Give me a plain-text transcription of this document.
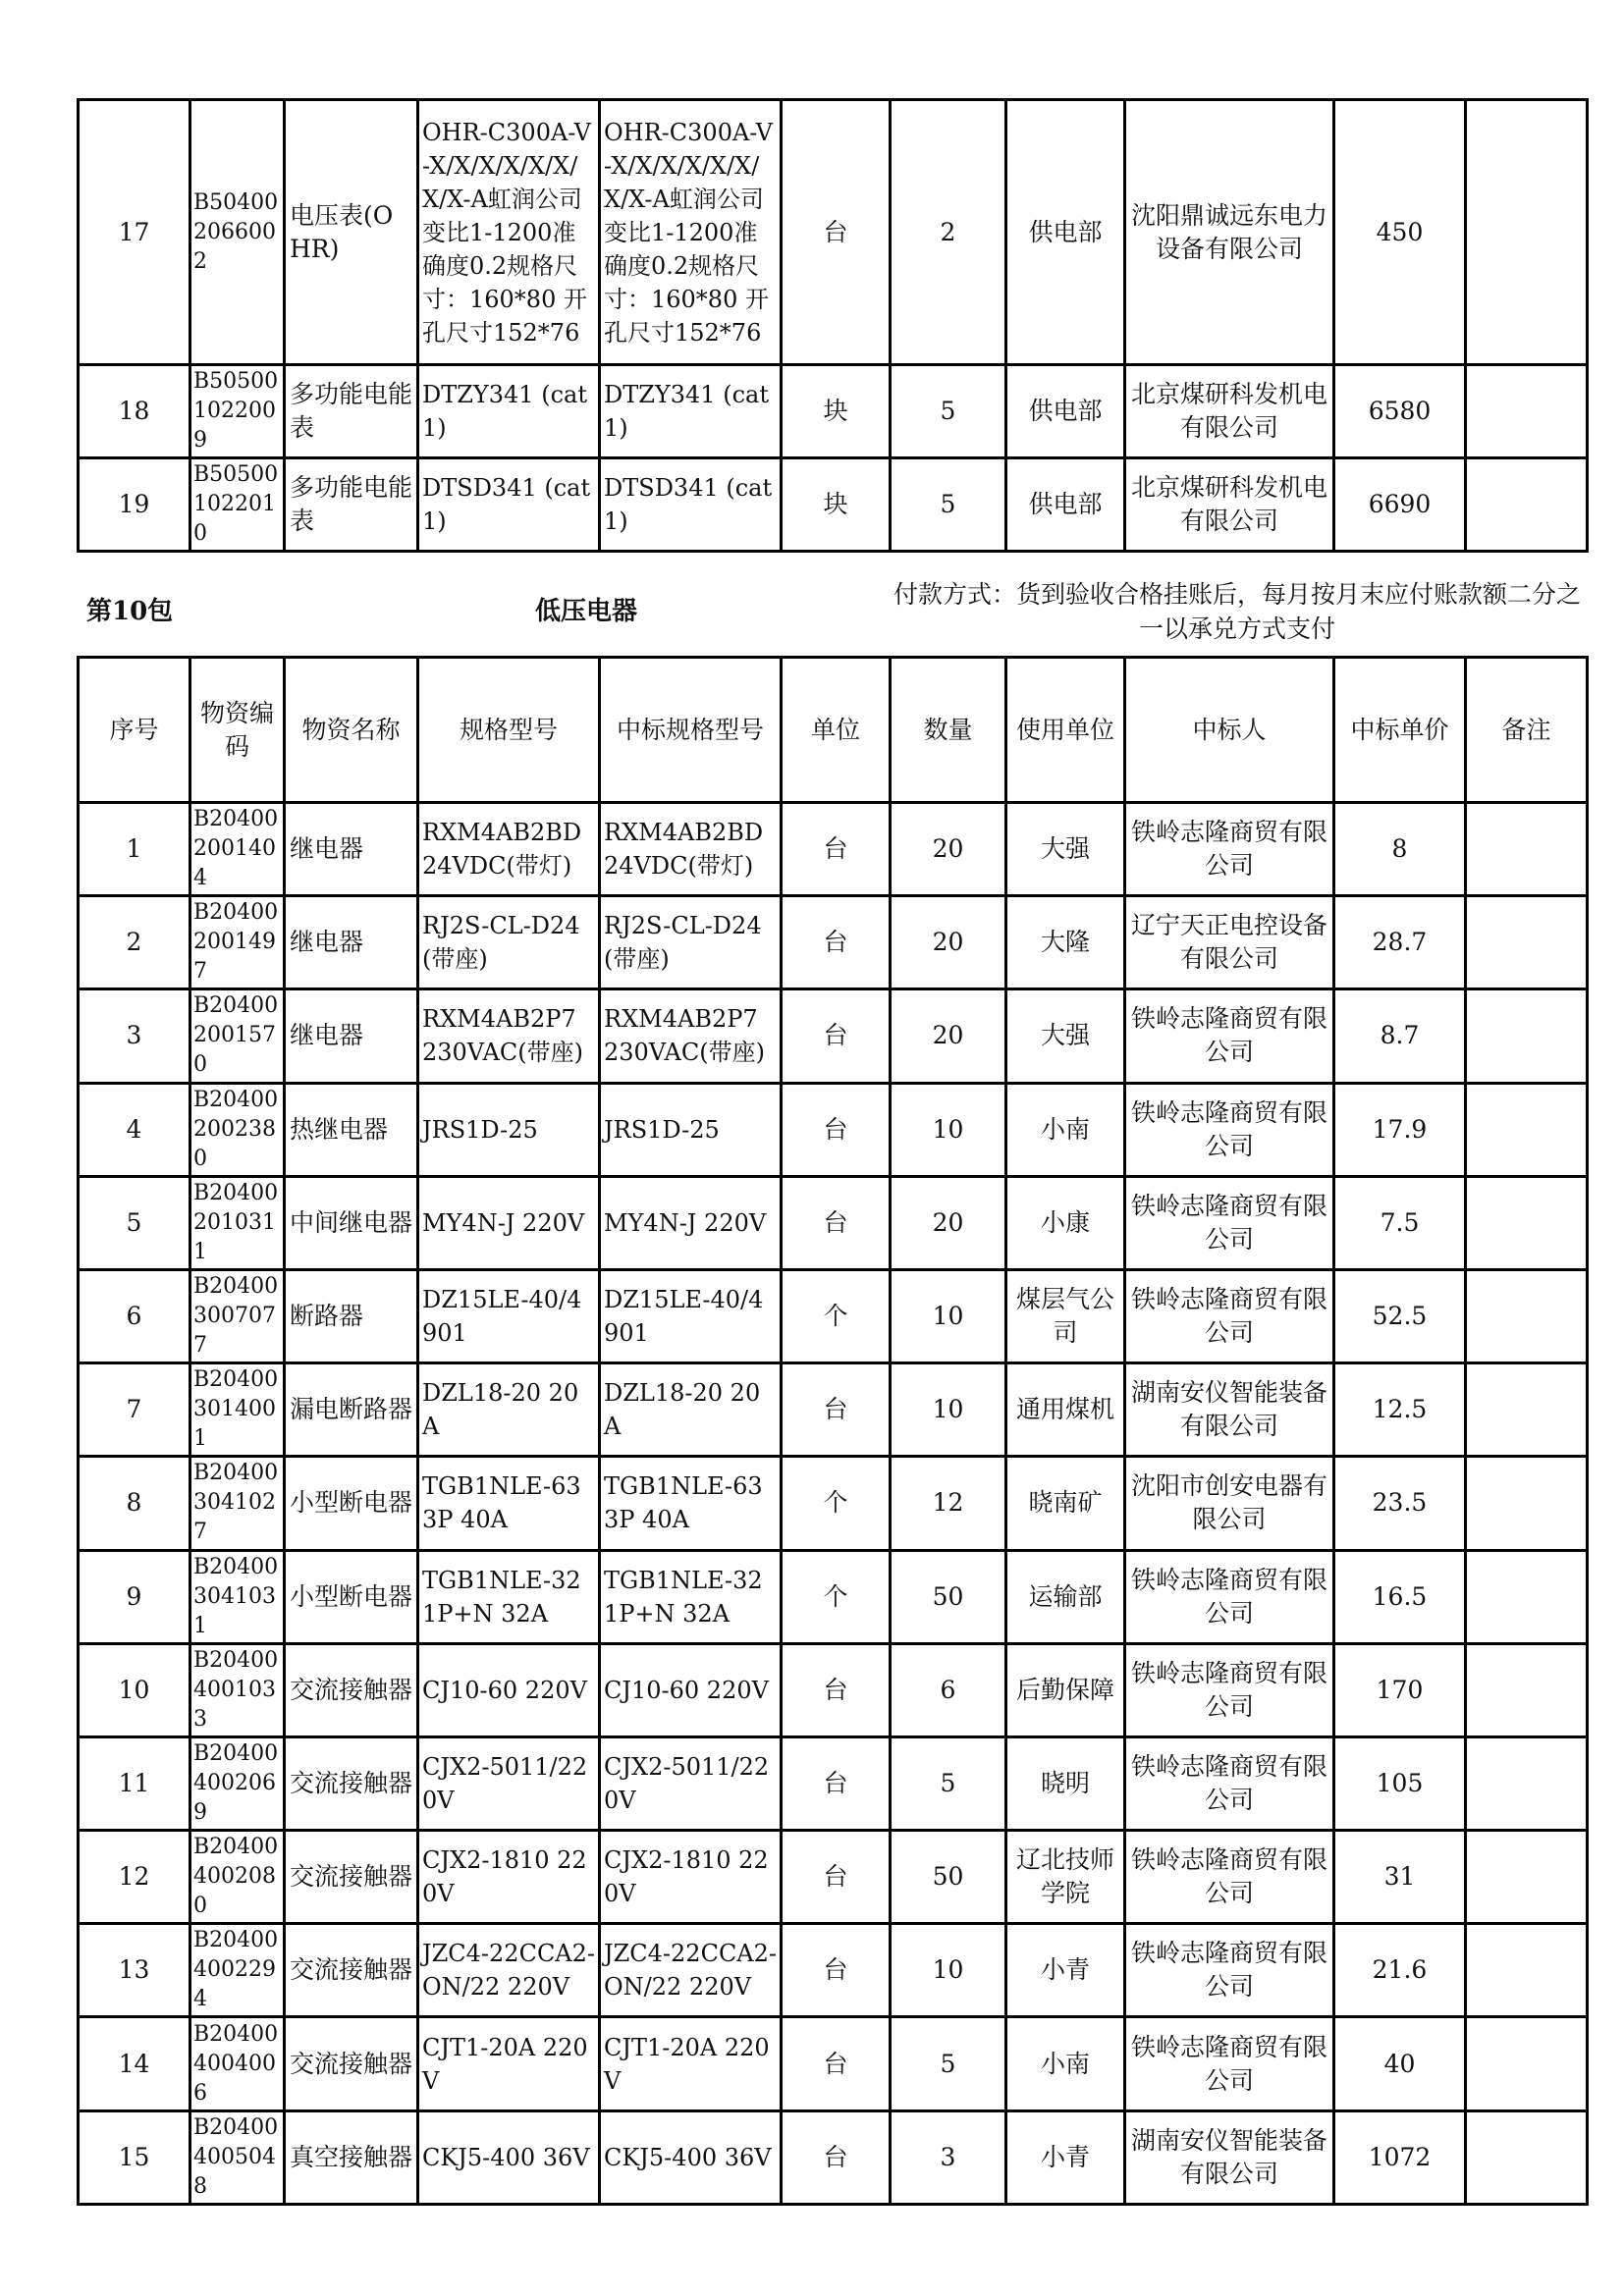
17	B504002066002	电压表(OHR)	OHR-C300A-V-X/X/X/X/X/X/X/X-A虹润公司变比1-1200准确度0.2规格尺寸：160*80 开孔尺寸152*76	OHR-C300A-V-X/X/X/X/X/X/X/X-A虹润公司变比1-1200准确度0.2规格尺寸：160*80 开孔尺寸152*76	台	2	供电部	沈阳鼎诚远东电力设备有限公司	450	
18	B505001022009	多功能电能表	DTZY341 (cat1)	DTZY341 (cat1)	块	5	供电部	北京煤研科发机电有限公司	6580	
19	B505001022010	多功能电能表	DTSD341 (cat1)	DTSD341 (cat1)	块	5	供电部	北京煤研科发机电有限公司	6690	
第10包	低压电器
付款方式：货到验收合格挂账后，每月按月末应付账款额二分之一以承兑方式支付
序号	物资编码	物资名称	规格型号	中标规格型号	单位	数量	使用单位	中标人	中标单价	备注
1	B204002001404	继电器	RXM4AB2BD24VDC(带灯)	RXM4AB2BD24VDC(带灯)	台	20	大强	铁岭志隆商贸有限公司	8	
2	B204002001497	继电器	RJ2S-CL-D24(带座)	RJ2S-CL-D24(带座)	台	20	大隆	辽宁天正电控设备有限公司	28.7	
3	B204002001570	继电器	RXM4AB2P7 230VAC(带座)	RXM4AB2P7 230VAC(带座)	台	20	大强	铁岭志隆商贸有限公司	8.7	
4	B204002002380	热继电器	JRS1D-25	JRS1D-25	台	10	小南	铁岭志隆商贸有限公司	17.9	
5	B204002010311	中间继电器	MY4N-J 220V	MY4N-J 220V	台	20	小康	铁岭志隆商贸有限公司	7.5	
6	B204003007077	断路器	DZ15LE-40/4901	DZ15LE-40/4901	个	10	煤层气公司	铁岭志隆商贸有限公司	52.5	
7	B204003014001	漏电断路器	DZL18-20 20A	DZL18-20 20A	台	10	通用煤机	湖南安仪智能装备有限公司	12.5	
8	B204003041027	小型断电器	TGB1NLE-63 3P 40A	TGB1NLE-63 3P 40A	个	12	晓南矿	沈阳市创安电器有限公司	23.5	
9	B204003041031	小型断电器	TGB1NLE-32 1P+N 32A	TGB1NLE-32 1P+N 32A	个	50	运输部	铁岭志隆商贸有限公司	16.5	
10	B204004001033	交流接触器	CJ10-60 220V	CJ10-60 220V	台	6	后勤保障	铁岭志隆商贸有限公司	170	
11	B204004002069	交流接触器	CJX2-5011/220V	CJX2-5011/220V	台	5	晓明	铁岭志隆商贸有限公司	105	
12	B204004002080	交流接触器	CJX2-1810 220V	CJX2-1810 220V	台	50	辽北技师学院	铁岭志隆商贸有限公司	31	
13	B204004002294	交流接触器	JZC4-22CCA2-ON/22 220V	JZC4-22CCA2-ON/22 220V	台	10	小青	铁岭志隆商贸有限公司	21.6	
14	B204004004006	交流接触器	CJT1-20A 220V	CJT1-20A 220V	台	5	小南	铁岭志隆商贸有限公司	40	
15	B204004005048	真空接触器	CKJ5-400 36V	CKJ5-400 36V	台	3	小青	湖南安仪智能装备有限公司	1072	
